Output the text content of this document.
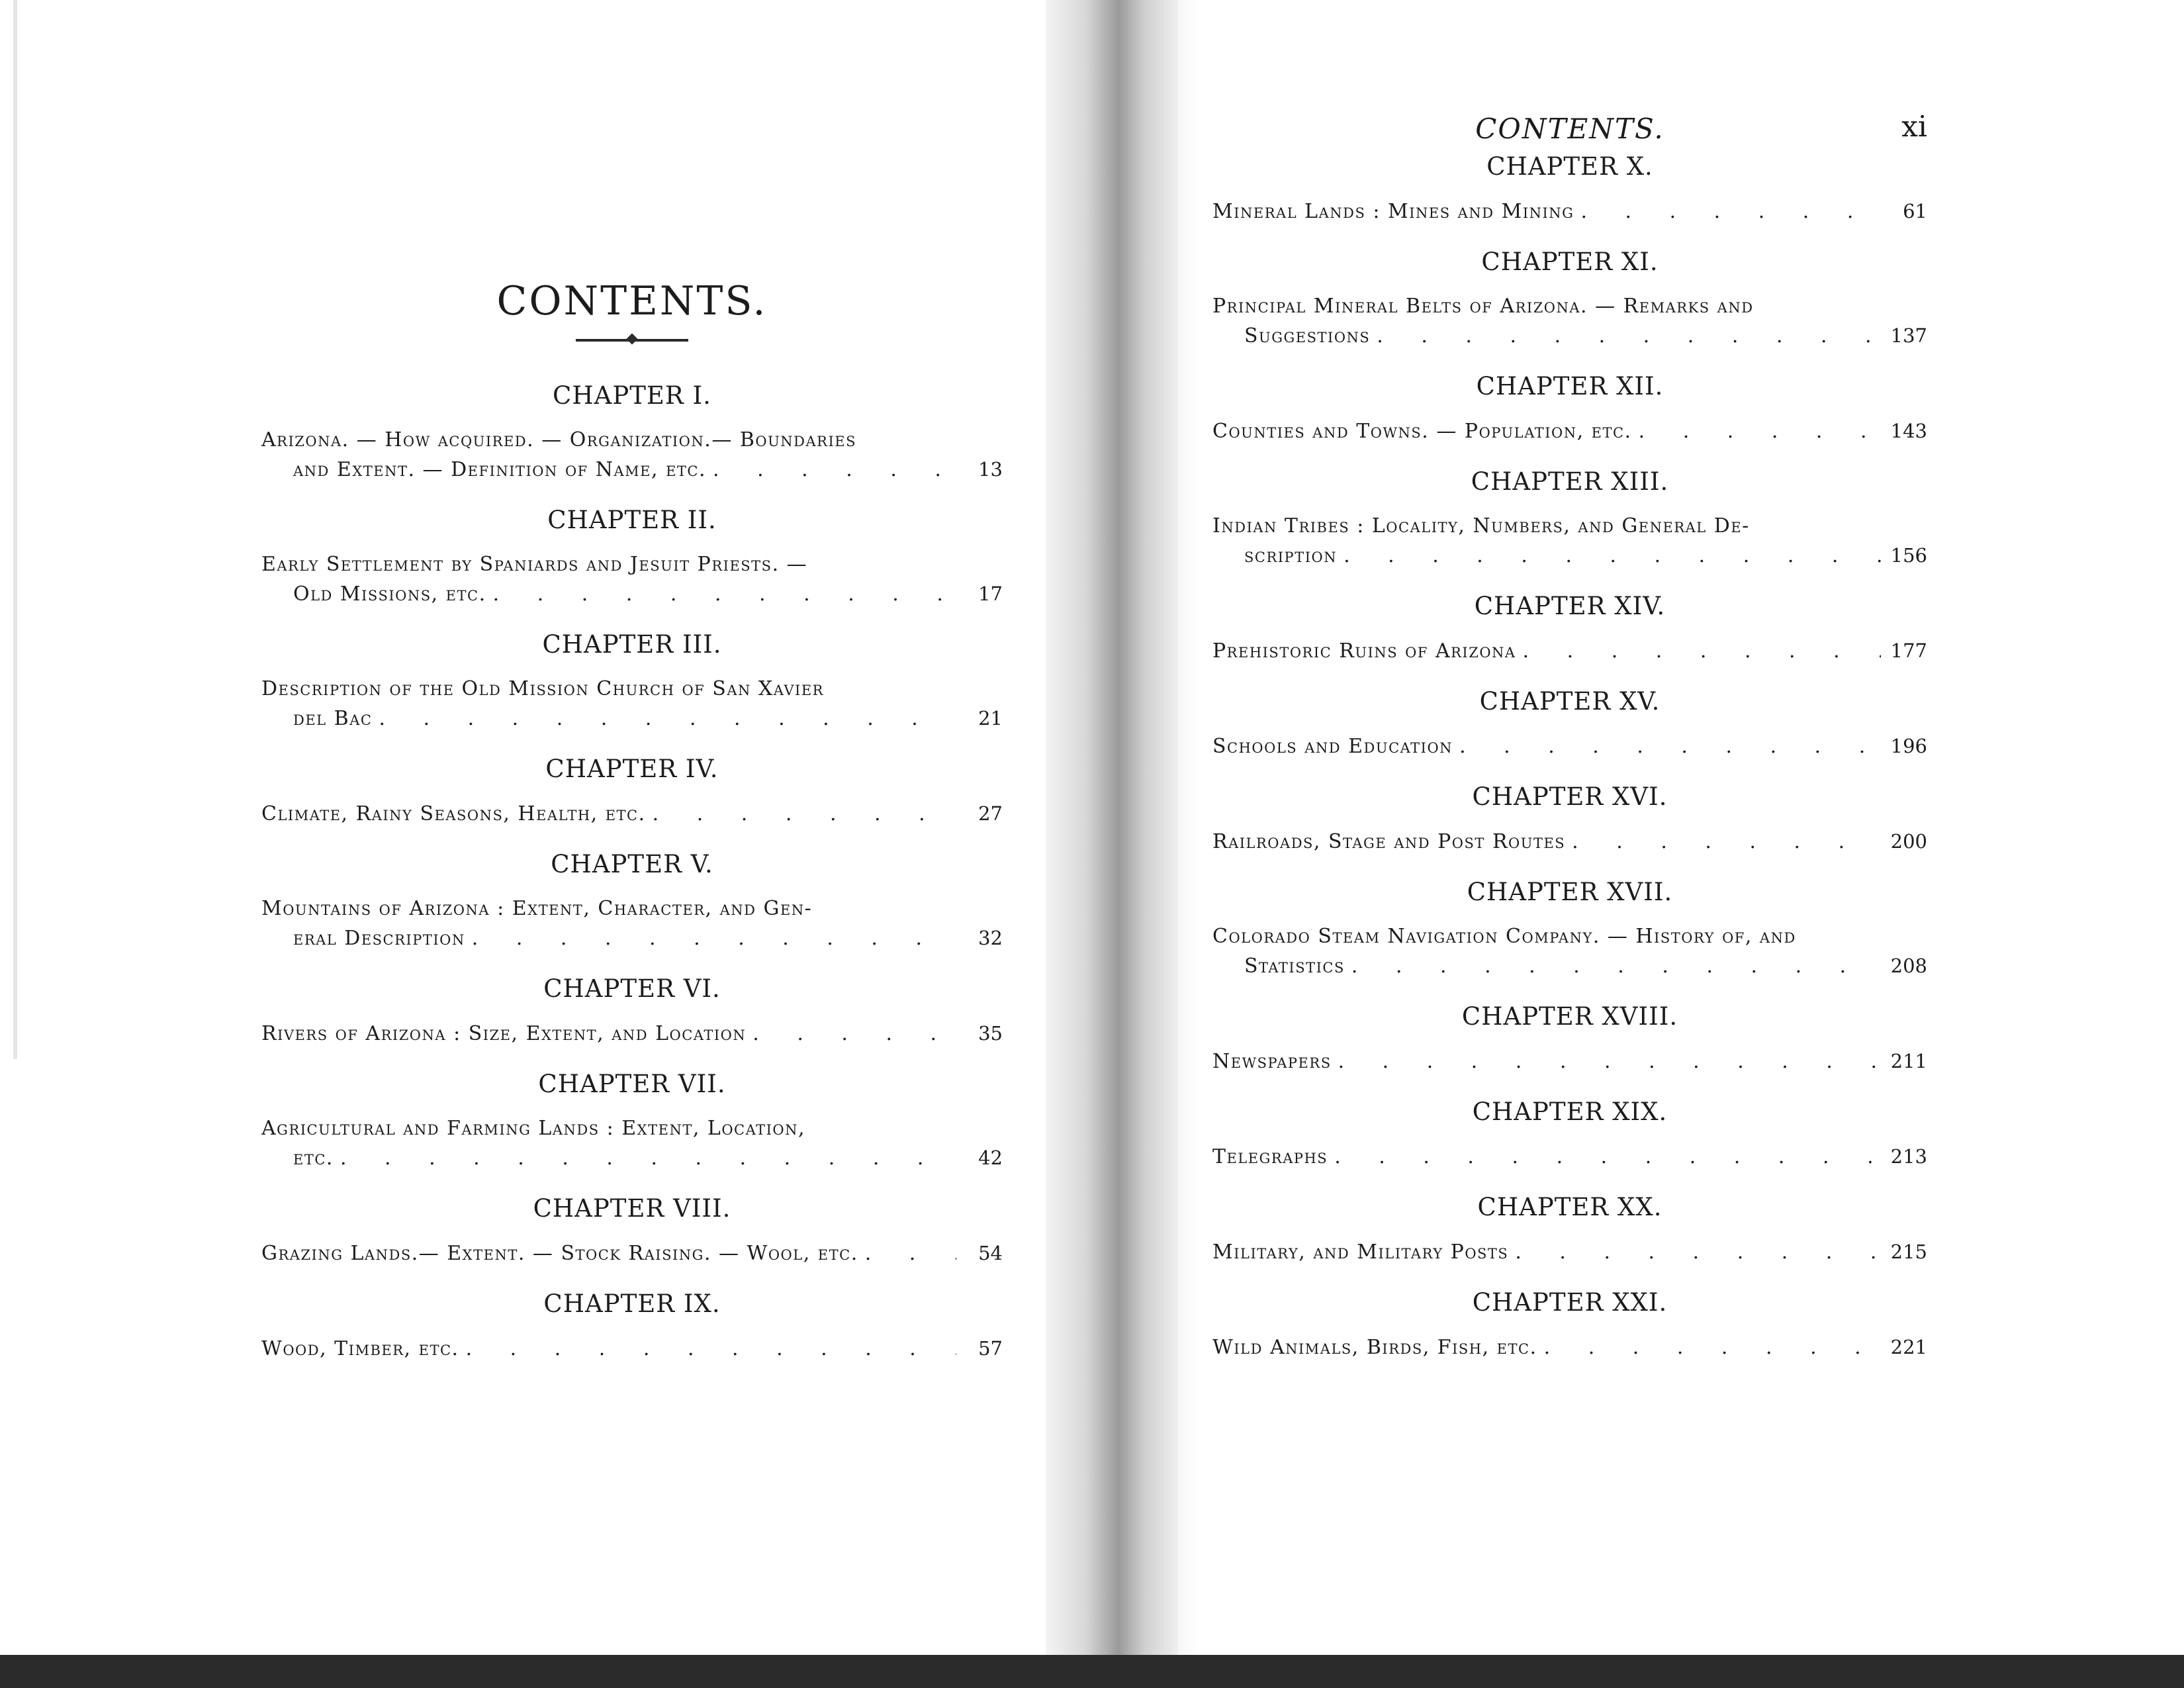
CONTENTS.
CHAPTER I.
Arizona. — How acquired. — Organization.— Boundaries
and Extent. — Definition of Name, etc. . . .	13
CHAPTER II.
Early Settlement by Spaniards and Jesuit Priests. —
Old Missions, etc. . . .	17
CHAPTER III.
Description of the Old Mission Church of San Xavier
del Bac . . .	21
CHAPTER IV.
Climate, Rainy Seasons, Health, etc. . . .	27
CHAPTER V.
Mountains of Arizona : Extent, Character, and Gen-
eral Description . . .	32
CHAPTER VI.
Rivers of Arizona : Size, Extent, and Location . . .	35
CHAPTER VII.
Agricultural and Farming Lands : Extent, Location,
etc. . . .	42
CHAPTER VIII.
Grazing Lands.— Extent. — Stock Raising. — Wool, etc. . . .	54
CHAPTER IX.
Wood, Timber, etc. . . .	57
CONTENTS.	xi
CHAPTER X.
Mineral Lands : Mines and Mining . . .	61
CHAPTER XI.
Principal Mineral Belts of Arizona. — Remarks and
Suggestions . . .	137
CHAPTER XII.
Counties and Towns. — Population, etc. . . .	143
CHAPTER XIII.
Indian Tribes : Locality, Numbers, and General De-
scription . . .	156
CHAPTER XIV.
Prehistoric Ruins of Arizona . . .	177
CHAPTER XV.
Schools and Education . . .	196
CHAPTER XVI.
Railroads, Stage and Post Routes . . .	200
CHAPTER XVII.
Colorado Steam Navigation Company. — History of, and
Statistics . . .	208
CHAPTER XVIII.
Newspapers . . .	211
CHAPTER XIX.
Telegraphs . . .	213
CHAPTER XX.
Military, and Military Posts . . .	215
CHAPTER XXI.
Wild Animals, Birds, Fish, etc. . . .	221
